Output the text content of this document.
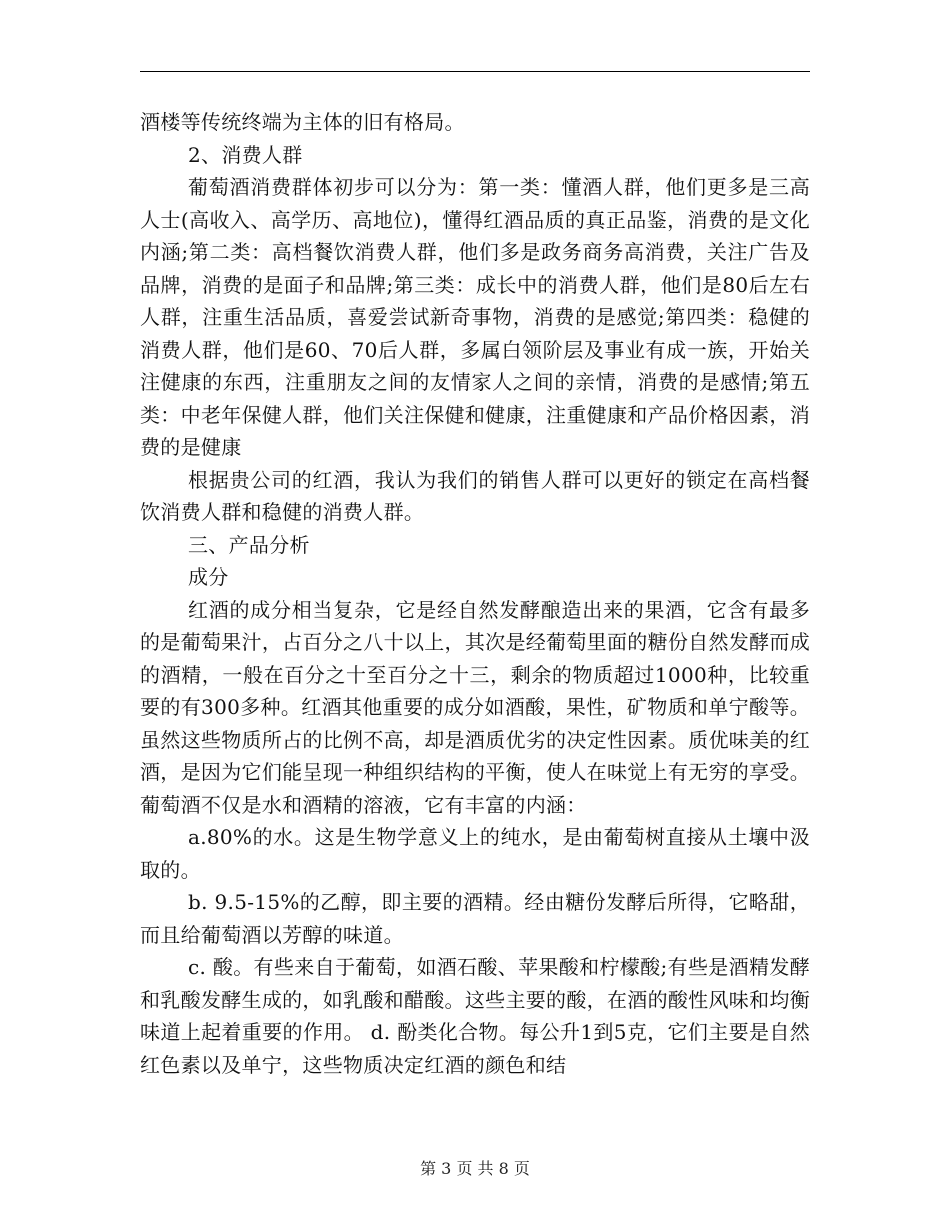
酒楼等传统终端为主体的旧有格局。

2、消费人群

葡萄酒消费群体初步可以分为：第一类：懂酒人群，他们更多是三高人士(高收入、高学历、高地位)，懂得红酒品质的真正品鉴，消费的是文化内涵;第二类：高档餐饮消费人群，他们多是政务商务高消费，关注广告及品牌，消费的是面子和品牌;第三类：成长中的消费人群，他们是80后左右人群，注重生活品质，喜爱尝试新奇事物，消费的是感觉;第四类：稳健的消费人群，他们是60、70后人群，多属白领阶层及事业有成一族，开始关注健康的东西，注重朋友之间的友情家人之间的亲情，消费的是感情;第五类：中老年保健人群，他们关注保健和健康，注重健康和产品价格因素，消费的是健康

根据贵公司的红酒，我认为我们的销售人群可以更好的锁定在高档餐饮消费人群和稳健的消费人群。

三、产品分析

成分

红酒的成分相当复杂，它是经自然发酵酿造出来的果酒，它含有最多的是葡萄果汁，占百分之八十以上，其次是经葡萄里面的糖份自然发酵而成的酒精，一般在百分之十至百分之十三，剩余的物质超过1000种，比较重要的有300多种。红酒其他重要的成分如酒酸，果性，矿物质和单宁酸等。虽然这些物质所占的比例不高，却是酒质优劣的决定性因素。质优味美的红酒，是因为它们能呈现一种组织结构的平衡，使人在味觉上有无穷的享受。 葡萄酒不仅是水和酒精的溶液，它有丰富的内涵：

a.80%的水。这是生物学意义上的纯水，是由葡萄树直接从土壤中汲取的。

b. 9.5-15%的乙醇，即主要的酒精。经由糖份发酵后所得，它略甜，而且给葡萄酒以芳醇的味道。

c. 酸。有些来自于葡萄，如酒石酸、苹果酸和柠檬酸;有些是酒精发酵和乳酸发酵生成的，如乳酸和醋酸。这些主要的酸，在酒的酸性风味和均衡味道上起着重要的作用。 d. 酚类化合物。每公升1到5克，它们主要是自然红色素以及单宁，这些物质决定红酒的颜色和结

第 3 页 共 8 页
